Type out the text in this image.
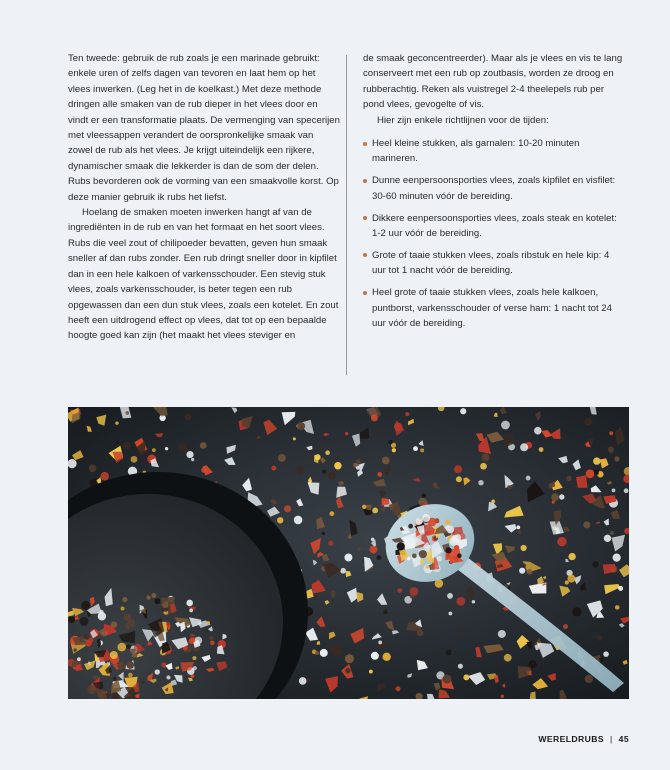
Ten tweede: gebruik de rub zoals je een marinade gebruikt: enkele uren of zelfs dagen van tevoren en laat hem op het vlees inwerken. (Leg het in de koelkast.) Met deze methode dringen alle smaken van de rub dieper in het vlees door en vindt er een transformatie plaats. De vermenging van specerijen met vleessappen verandert de oorspronkelijke smaak van zowel de rub als het vlees. Je krijgt uiteindelijk een rijkere, dynamischer smaak die lekkerder is dan de som der delen. Rubs bevorderen ook de vorming van een smaakvolle korst. Op deze manier gebruik ik rubs het liefst.

Hoelang de smaken moeten inwerken hangt af van de ingrediënten in de rub en van het formaat en het soort vlees. Rubs die veel zout of chilipoeder bevatten, geven hun smaak sneller af dan rubs zonder. Een rub dringt sneller door in kipfilet dan in een hele kalkoen of varkensschouder. Een stevig stuk vlees, zoals varkensschouder, is beter tegen een rub opgewassen dan een dun stuk vlees, zoals een kotelet. En zout heeft een uitdrogend effect op vlees, dat tot op een bepaalde hoogte goed kan zijn (het maakt het vlees steviger en

de smaak geconcentreerder). Maar als je vlees en vis te lang conserveert met een rub op zoutbasis, worden ze droog en rubberachtig. Reken als vuistregel 2-4 theelepels rub per pond vlees, gevogelte of vis.

Hier zijn enkele richtlijnen voor de tijden:

Heel kleine stukken, als garnalen: 10-20 minuten marineren.
Dunne eenpersoonsporties vlees, zoals kipfilet en visfilet: 30-60 minuten vóór de bereiding.
Dikkere eenpersoonsporties vlees, zoals steak en kotelet: 1-2 uur vóór de bereiding.
Grote of taaie stukken vlees, zoals ribstuk en hele kip: 4 uur tot 1 nacht vóór de bereiding.
Heel grote of taaie stukken vlees, zoals hele kalkoen, puntborst, varkensschouder of verse ham: 1 nacht tot 24 uur vóór de bereiding.
WERELDRUBS | 45
